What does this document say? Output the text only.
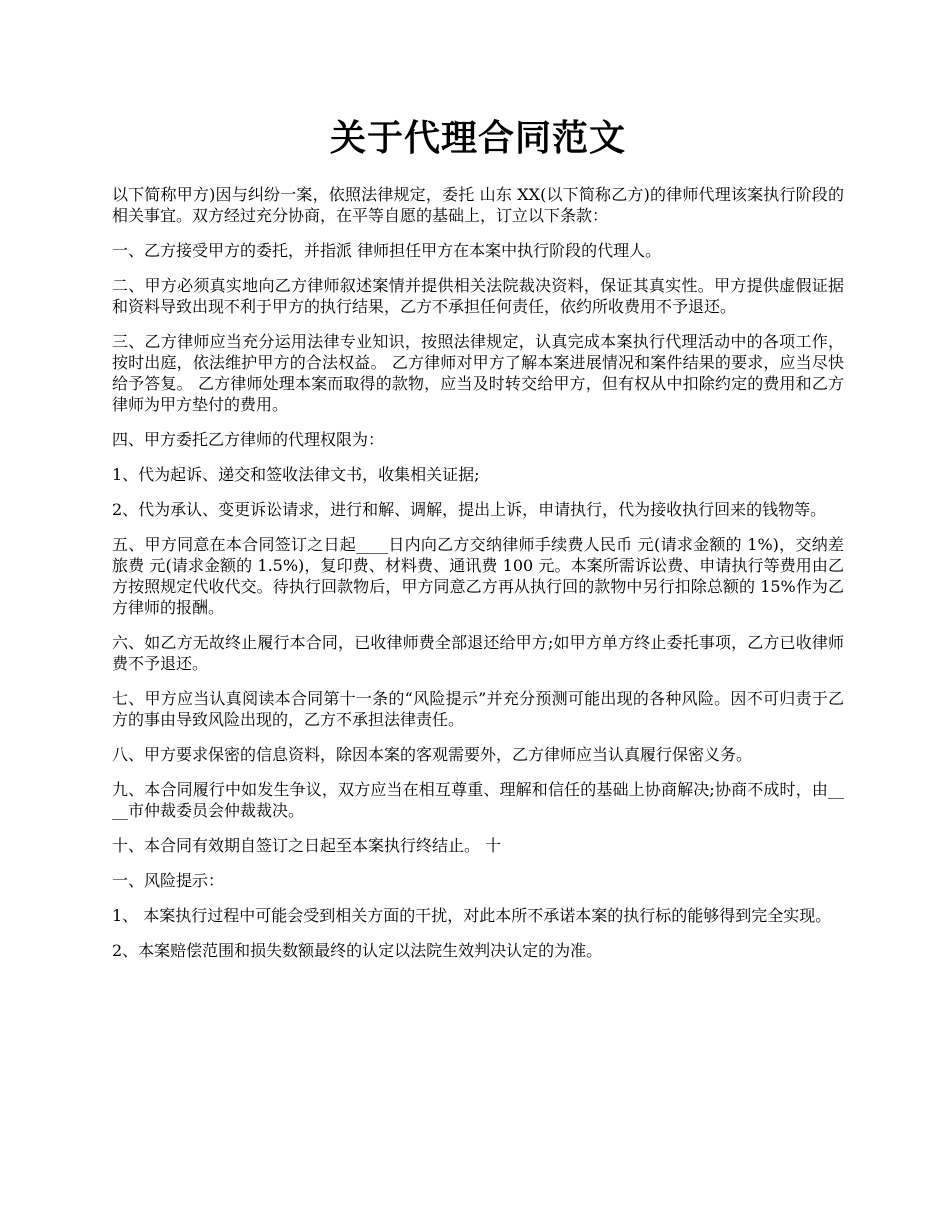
关于代理合同范文

以下简称甲方)因与纠纷一案，依照法律规定，委托 山东 XX(以下简称乙方)的律师代理该案执行阶段的相关事宜。双方经过充分协商，在平等自愿的基础上，订立以下条款：

一、乙方接受甲方的委托，并指派 律师担任甲方在本案中执行阶段的代理人。

二、甲方必须真实地向乙方律师叙述案情并提供相关法院裁决资料，保证其真实性。甲方提供虚假证据和资料导致出现不利于甲方的执行结果，乙方不承担任何责任，依约所收费用不予退还。

三、乙方律师应当充分运用法律专业知识，按照法律规定，认真完成本案执行代理活动中的各项工作，按时出庭，依法维护甲方的合法权益。 乙方律师对甲方了解本案进展情况和案件结果的要求，应当尽快给予答复。 乙方律师处理本案而取得的款物，应当及时转交给甲方，但有权从中扣除约定的费用和乙方律师为甲方垫付的费用。

四、甲方委托乙方律师的代理权限为：

1、代为起诉、递交和签收法律文书，收集相关证据;

2、代为承认、变更诉讼请求，进行和解、调解，提出上诉，申请执行，代为接收执行回来的钱物等。

五、甲方同意在本合同签订之日起____日内向乙方交纳律师手续费人民币 元(请求金额的 1%)，交纳差旅费 元(请求金额的 1.5%)，复印费、材料费、通讯费 100 元。本案所需诉讼费、申请执行等费用由乙方按照规定代收代交。待执行回款物后，甲方同意乙方再从执行回的款物中另行扣除总额的 15%作为乙方律师的报酬。

六、如乙方无故终止履行本合同，已收律师费全部退还给甲方;如甲方单方终止委托事项，乙方已收律师费不予退还。

七、甲方应当认真阅读本合同第十一条的“风险提示”并充分预测可能出现的各种风险。因不可归责于乙方的事由导致风险出现的，乙方不承担法律责任。

八、甲方要求保密的信息资料，除因本案的客观需要外，乙方律师应当认真履行保密义务。

九、本合同履行中如发生争议，双方应当在相互尊重、理解和信任的基础上协商解决;协商不成时，由____市仲裁委员会仲裁裁决。

十、本合同有效期自签订之日起至本案执行终结止。 十

一、风险提示：

1、 本案执行过程中可能会受到相关方面的干扰，对此本所不承诺本案的执行标的能够得到完全实现。

2、本案赔偿范围和损失数额最终的认定以法院生效判决认定的为准。
